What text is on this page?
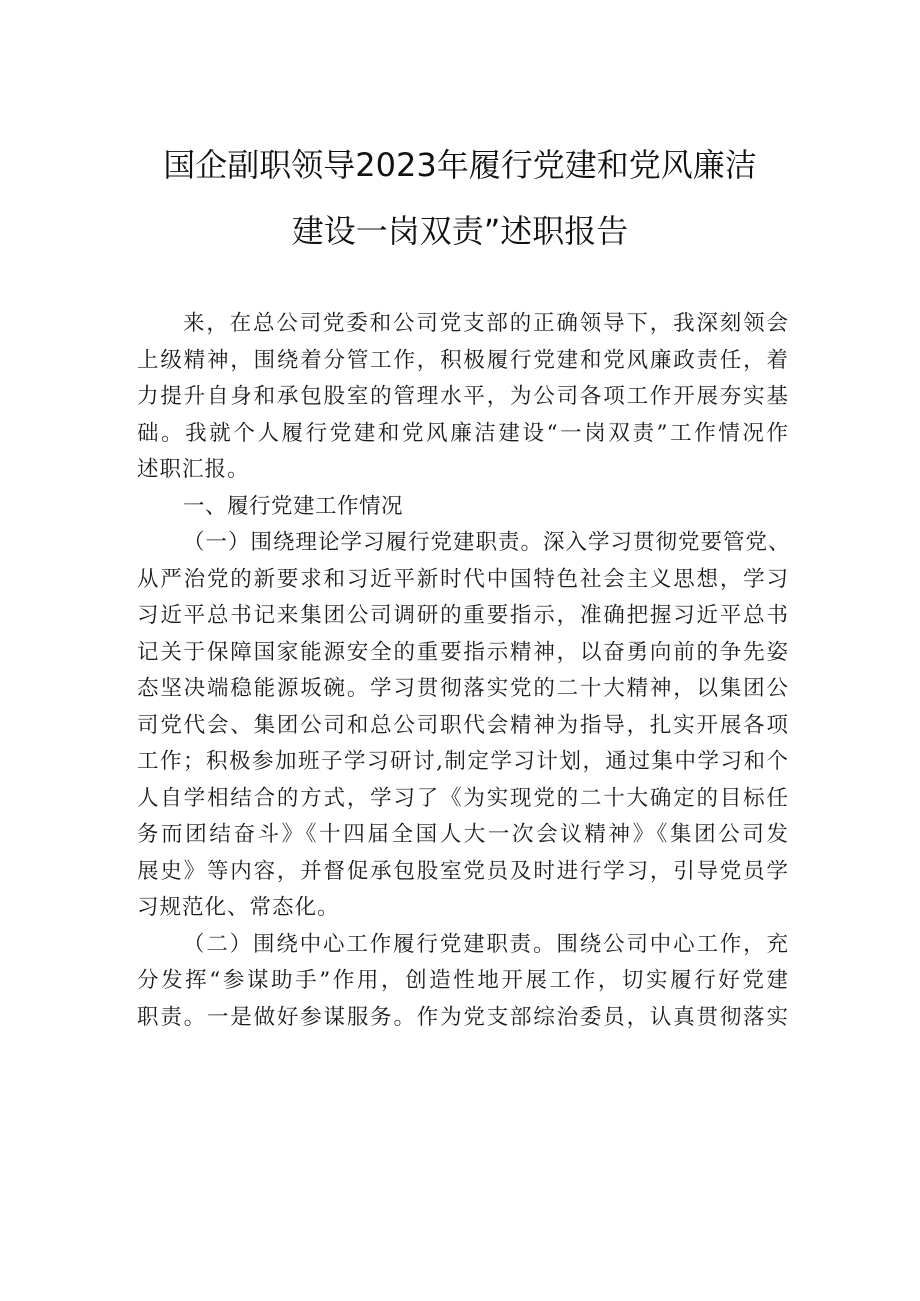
国企副职领导2023年履行党建和党风廉洁
建设一岗双责”述职报告
来，在总公司党委和公司党支部的正确领导下，我深刻领会
上级精神，围绕着分管工作，积极履行党建和党风廉政责任，着
力提升自身和承包股室的管理水平，为公司各项工作开展夯实基
础。我就个人履行党建和党风廉洁建设“一岗双责”工作情况作
述职汇报。
一、履行党建工作情况
（一）围绕理论学习履行党建职责。深入学习贯彻党要管党、
从严治党的新要求和习近平新时代中国特色社会主义思想，学习
习近平总书记来集团公司调研的重要指示，准确把握习近平总书
记关于保障国家能源安全的重要指示精神，以奋勇向前的争先姿
态坚决端稳能源坂碗。学习贯彻落实党的二十大精神，以集团公
司党代会、集团公司和总公司职代会精神为指导，扎实开展各项
工作；积极参加班子学习研讨,制定学习计划，通过集中学习和个
人自学相结合的方式，学习了《为实现党的二十大确定的目标任
务而团结奋斗》《十四届全国人大一次会议精神》《集团公司发
展史》等内容，并督促承包股室党员及时进行学习，引导党员学
习规范化、常态化。
（二）围绕中心工作履行党建职责。围绕公司中心工作，充
分发挥“参谋助手”作用，创造性地开展工作，切实履行好党建
职责。一是做好参谋服务。作为党支部综治委员，认真贯彻落实
